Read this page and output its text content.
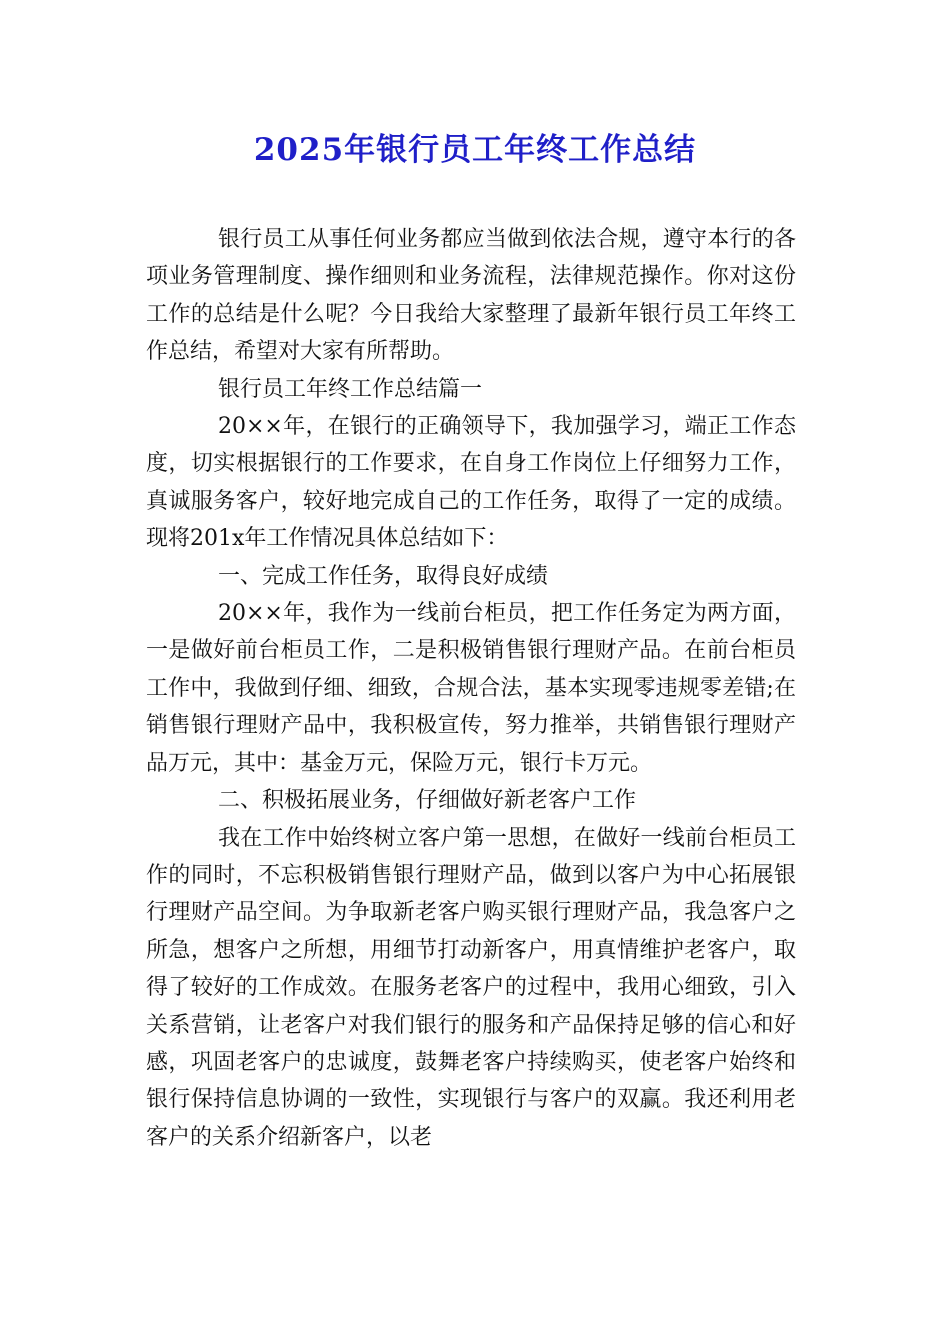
2025年银行员工年终工作总结

银行员工从事任何业务都应当做到依法合规，遵守本行的各项业务管理制度、操作细则和业务流程，法律规范操作。你对这份工作的总结是什么呢？今日我给大家整理了最新年银行员工年终工作总结，希望对大家有所帮助。

银行员工年终工作总结篇一

20××年，在银行的正确领导下，我加强学习，端正工作态度，切实根据银行的工作要求，在自身工作岗位上仔细努力工作，真诚服务客户，较好地完成自己的工作任务，取得了一定的成绩。现将201x年工作情况具体总结如下：

一、完成工作任务，取得良好成绩

20××年，我作为一线前台柜员，把工作任务定为两方面，一是做好前台柜员工作，二是积极销售银行理财产品。在前台柜员工作中，我做到仔细、细致，合规合法，基本实现零违规零差错;在销售银行理财产品中，我积极宣传，努力推举，共销售银行理财产品万元，其中：基金万元，保险万元，银行卡万元。

二、积极拓展业务，仔细做好新老客户工作

我在工作中始终树立客户第一思想，在做好一线前台柜员工作的同时，不忘积极销售银行理财产品，做到以客户为中心拓展银行理财产品空间。为争取新老客户购买银行理财产品，我急客户之所急，想客户之所想，用细节打动新客户，用真情维护老客户，取得了较好的工作成效。在服务老客户的过程中，我用心细致，引入关系营销，让老客户对我们银行的服务和产品保持足够的信心和好感，巩固老客户的忠诚度，鼓舞老客户持续购买，使老客户始终和银行保持信息协调的一致性，实现银行与客户的双赢。我还利用老客户的关系介绍新客户，以老
